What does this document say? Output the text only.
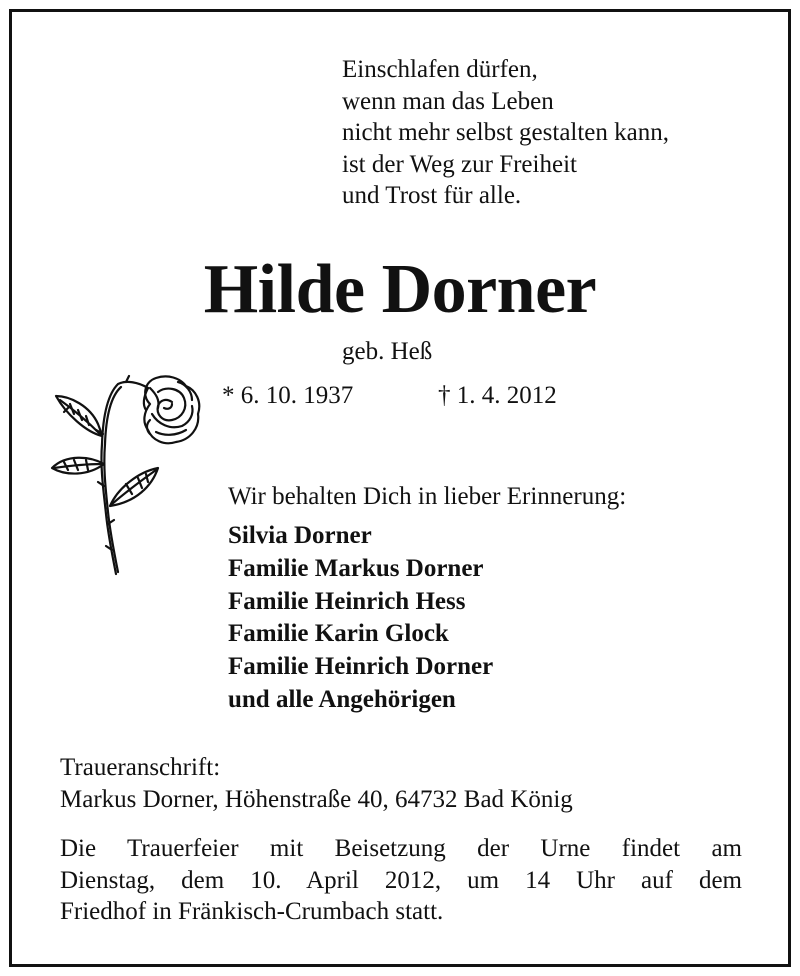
Einschlafen dürfen,
wenn man das Leben
nicht mehr selbst gestalten kann,
ist der Weg zur Freiheit
und Trost für alle.
Hilde Dorner
geb. Heß
* 6. 10. 1937	† 1. 4. 2012
Wir behalten Dich in lieber Erinnerung:
Silvia Dorner
Familie Markus Dorner
Familie Heinrich Hess
Familie Karin Glock
Familie Heinrich Dorner
und alle Angehörigen
Traueranschrift:
Markus Dorner, Höhenstraße 40, 64732 Bad König
Die Trauerfeier mit Beisetzung der Urne findet am
Dienstag, dem 10. April 2012, um 14 Uhr auf dem
Friedhof in Fränkisch-Crumbach statt.
